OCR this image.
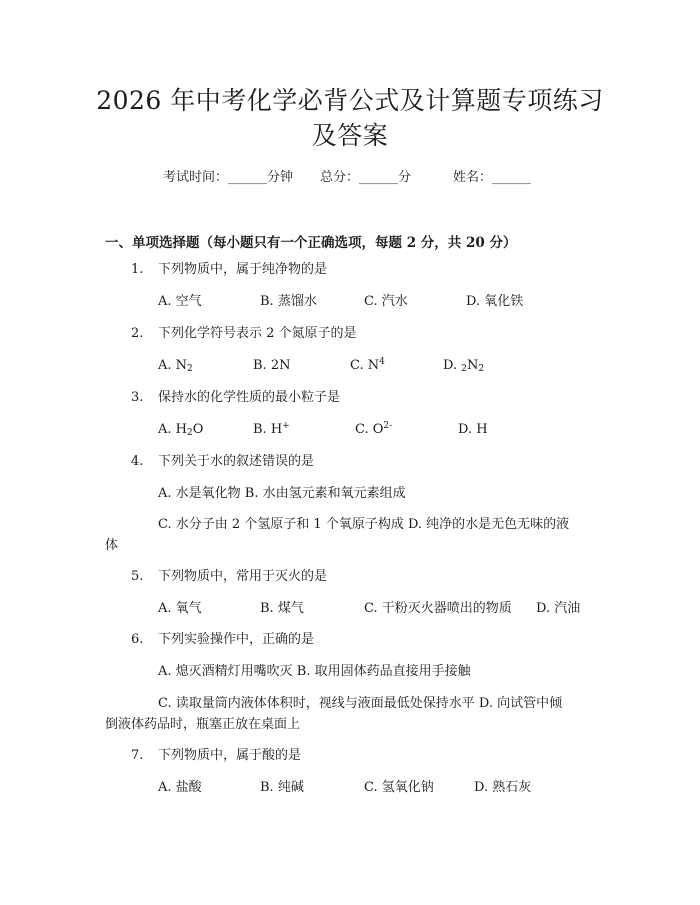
2026 年中考化学必背公式及计算题专项练习
及答案
考试时间：______分钟 总分：______分	姓名：______
一、单项选择题（每小题只有一个正确选项，每题 2 分，共 20 分）
1. 下列物质中，属于纯净物的是
A. 空气	B. 蒸馏水	C. 汽水	D. 氧化铁
2. 下列化学符号表示 2 个氮原子的是
A. $N_2$	B. 2N	C. $N^4$	D. $2N_2$
3. 保持水的化学性质的最小粒子是
A. $H_2O$	B. H+	C. $O^{2-}$	D. H
4. 下列关于水的叙述错误的是
A. 水是氧化物 B. 水由氢元素和氧元素组成
C. 水分子由 2 个氢原子和 1 个氧原子构成 D. 纯净的水是无色无味的液
体
5. 下列物质中，常用于灭火的是
A. 氧气	B. 煤气	C. 干粉灭火器喷出的物质 D. 汽油
6. 下列实验操作中，正确的是
A. 熄灭酒精灯用嘴吹灭 B. 取用固体药品直接用手接触
C. 读取量筒内液体体积时，视线与液面最低处保持水平 D. 向试管中倾
倒液体药品时，瓶塞正放在桌面上
7. 下列物质中，属于酸的是
A. 盐酸	B. 纯碱	C. 氢氧化钠	D. 熟石灰
